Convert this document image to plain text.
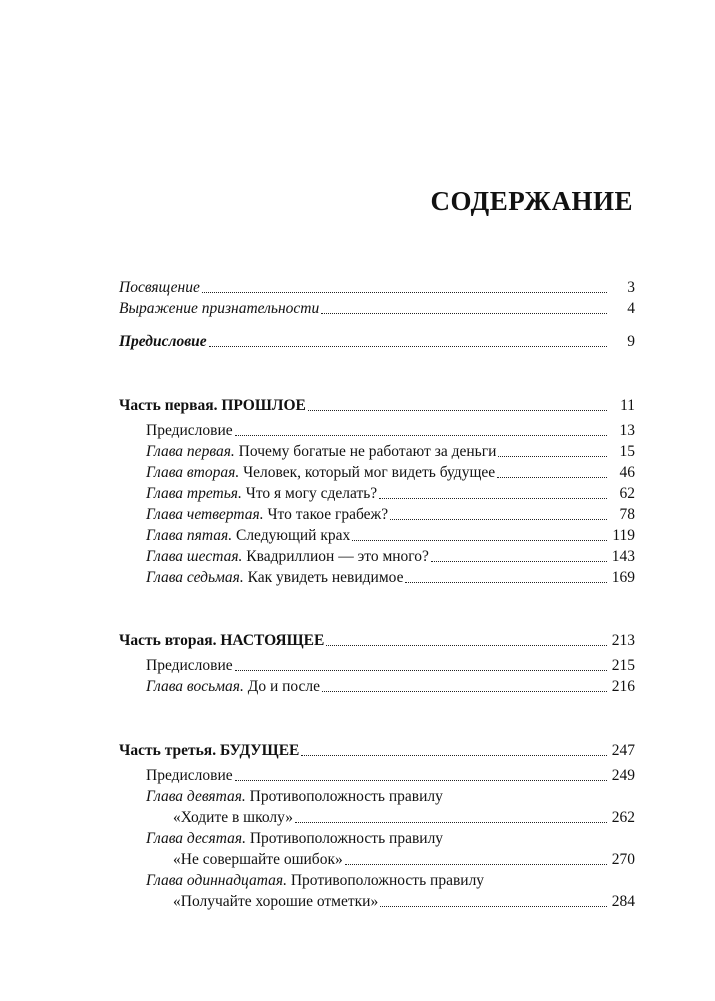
СОДЕРЖАНИЕ
Посвящение	3
Выражение признательности	4
Предисловие	9
Часть первая. ПРОШЛОЕ	11
Предисловие	13
Глава первая. Почему богатые не работают за деньги	15
Глава вторая. Человек, который мог видеть будущее	46
Глава третья. Что я могу сделать?	62
Глава четвертая. Что такое грабеж?	78
Глава пятая. Следующий крах	119
Глава шестая. Квадриллион — это много?	143
Глава седьмая. Как увидеть невидимое	169
Часть вторая. НАСТОЯЩЕЕ	213
Предисловие	215
Глава восьмая. До и после	216
Часть третья. БУДУЩЕЕ	247
Предисловие	249
Глава девятая. Противоположность правилу
«Ходите в школу»	262
Глава десятая. Противоположность правилу
«Не совершайте ошибок»	270
Глава одиннадцатая. Противоположность правилу
«Получайте хорошие отметки»	284
